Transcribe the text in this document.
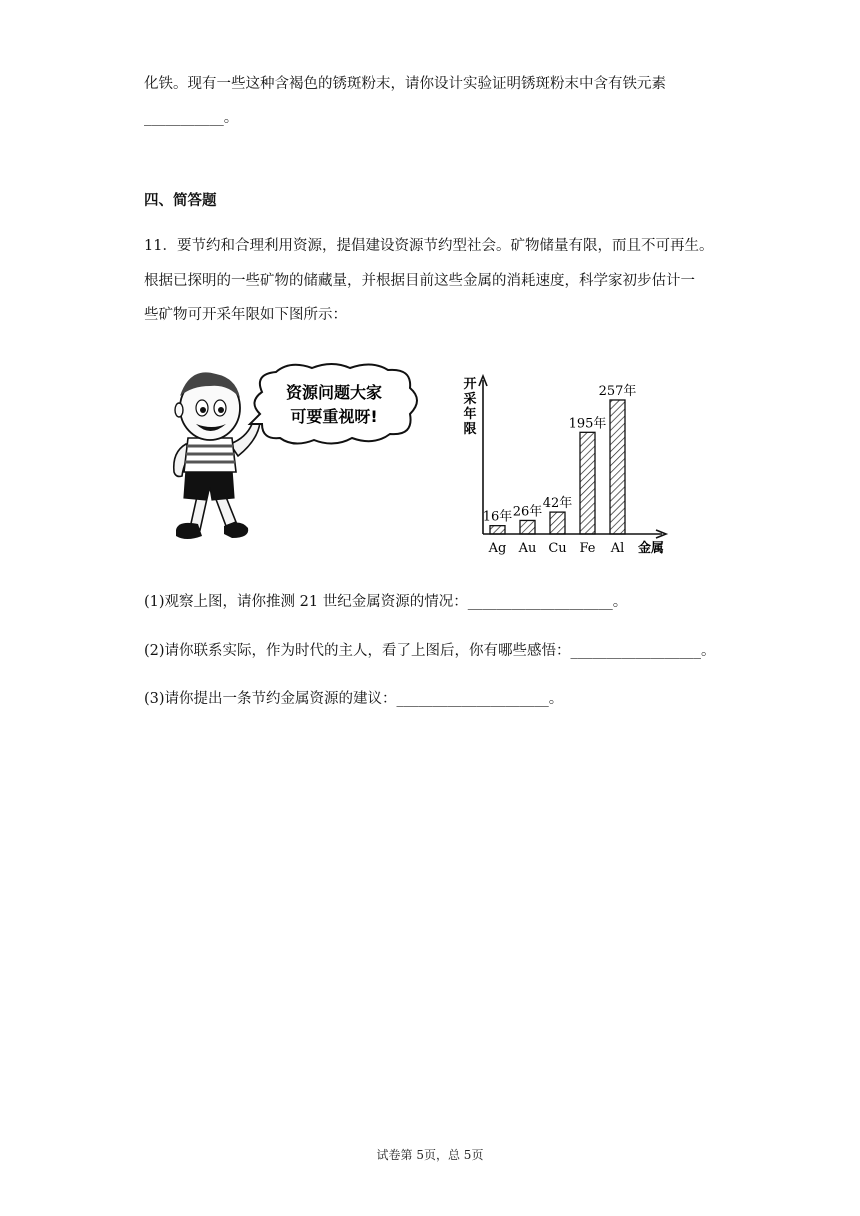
化铁。现有一些这种含褐色的锈斑粉末，请你设计实验证明锈斑粉末中含有铁元素
___________。
四、简答题
11．要节约和合理利用资源，提倡建设资源节约型社会。矿物储量有限，而且不可再生。
根据已探明的一些矿物的储藏量，并根据目前这些金属的消耗速度，科学家初步估计一
些矿物可开采年限如下图所示：
资源问题大家
可要重视呀!
开采年限
金属
16年
Ag
26年
Au
42年
Cu
195年
Fe
257年
Al
(1)观察上图，请你推测 21 世纪金属资源的情况：____________________。
(2)请你联系实际，作为时代的主人，看了上图后，你有哪些感悟：__________________。
(3)请你提出一条节约金属资源的建议：_____________________。
试卷第 5页，总 5页
